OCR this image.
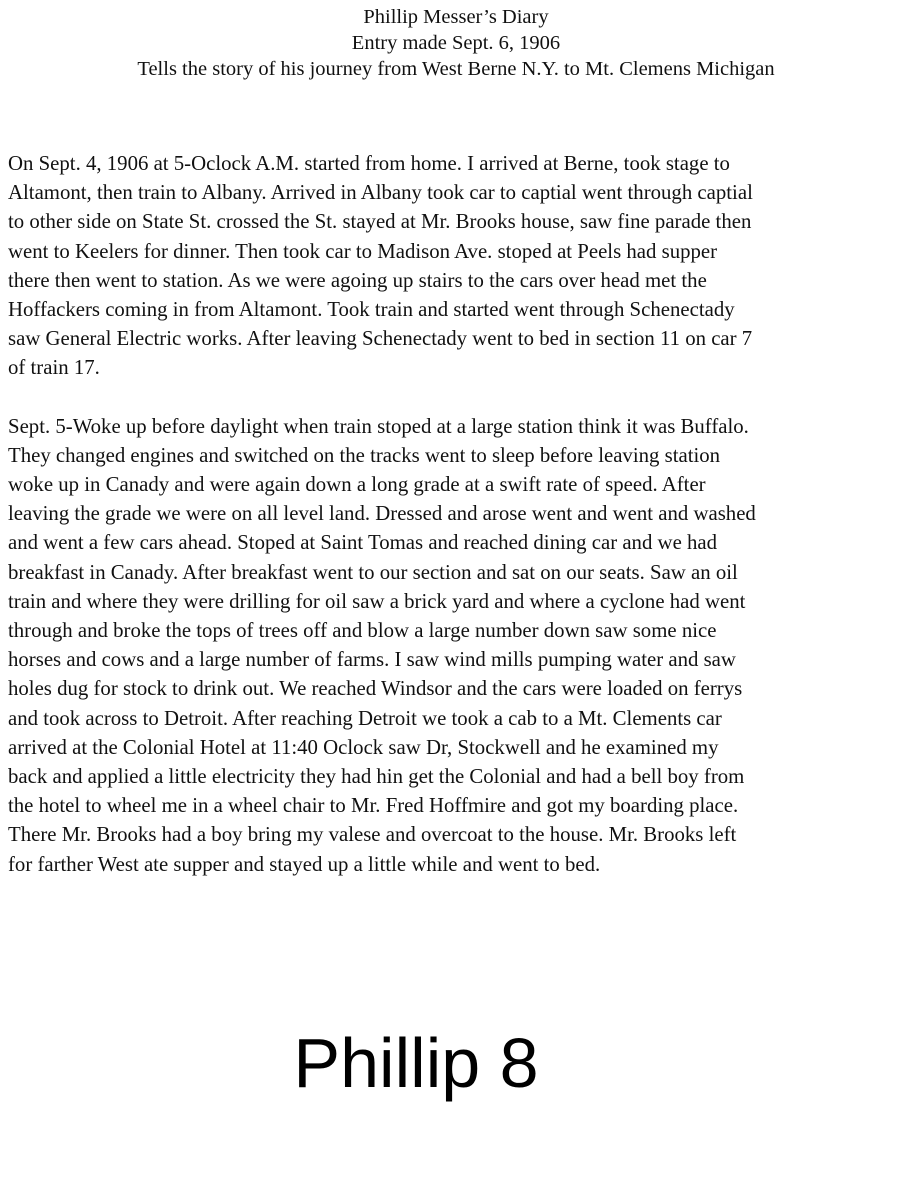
Phillip Messer’s Diary
Entry made Sept. 6, 1906
Tells the story of his journey from West Berne N.Y. to Mt. Clemens Michigan

On Sept. 4, 1906 at 5-Oclock A.M. started from home. I arrived at Berne, took stage to
Altamont, then train to Albany. Arrived in Albany took car to captial went through captial
to other side on State St. crossed the St. stayed at Mr. Brooks house, saw fine parade then
went to Keelers for dinner. Then took car to Madison Ave. stoped at Peels had supper
there then went to station. As we were agoing up stairs to the cars over head met the
Hoffackers coming in from Altamont. Took train and started went through Schenectady
saw General Electric works. After leaving Schenectady went to bed in section 11 on car 7
of train 17.

Sept. 5-Woke up before daylight when train stoped at a large station think it was Buffalo.
They changed engines and switched on the tracks went to sleep before leaving station
woke up in Canady and were again down a long grade at a swift rate of speed. After
leaving the grade we were on all level land. Dressed and arose went and went and washed
and went a few cars ahead. Stoped at Saint Tomas and reached dining car and we had
breakfast in Canady. After breakfast went to our section and sat on our seats. Saw an oil
train and where they were drilling for oil saw a brick yard and where a cyclone had went
through and broke the tops of trees off and blow a large number down saw some nice
horses and cows and a large number of farms. I saw wind mills pumping water and saw
holes dug for stock to drink out. We reached Windsor and the cars were loaded on ferrys
and took across to Detroit. After reaching Detroit we took a cab to a Mt. Clements car
arrived at the Colonial Hotel at 11:40 Oclock saw Dr, Stockwell and he examined my
back and applied a little electricity they had hin get the Colonial and had a bell boy from
the hotel to wheel me in a wheel chair to Mr. Fred Hoffmire and got my boarding place.
There Mr. Brooks had a boy bring my valese and overcoat to the house. Mr. Brooks left
for farther West ate supper and stayed up a little while and went to bed.

Phillip 8
